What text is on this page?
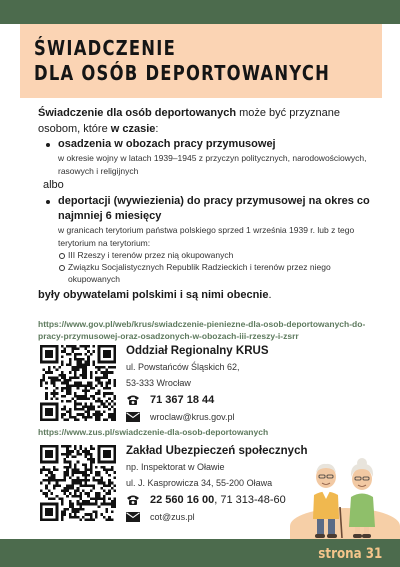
ŚWIADCZENIE
DLA OSÓB DEPORTOWANYCH

Świadczenie dla osób deportowanych może być przyznane osobom, które w czasie:

osadzenia w obozach pracy przymusowej
w okresie wojny w latach 1939–1945 z przyczyn politycznych, narodowościowych, rasowych i religijnych
albo
deportacji (wywiezienia) do pracy przymusowej na okres co najmniej 6 miesięcy
w granicach terytorium państwa polskiego sprzed 1 września 1939 r. lub z tego terytorium na terytorium:
III Rzeszy i terenów przez nią okupowanych
Związku Socjalistycznych Republik Radzieckich i terenów przez niego okupowanych

były obywatelami polskimi i są nimi obecnie.

https://www.gov.pl/web/krus/swiadczenie-pieniezne-dla-osob-deportowanych-do-pracy-przymusowej-oraz-osadzonych-w-obozach-iii-rzeszy-i-zsrr
Oddział Regionalny KRUS
ul. Powstańców Śląskich 62,
53-333 Wrocław
71 367 18 44
wroclaw@krus.gov.pl
https://www.zus.pl/swiadczenie-dla-osob-deportowanych
Zakład Ubezpieczeń społecznych
np. Inspektorat w Oławie
ul. J. Kasprowicza 34, 55-200 Oława
22 560 16 00 , 71 313-48-60
cot@zus.pl
strona 31
